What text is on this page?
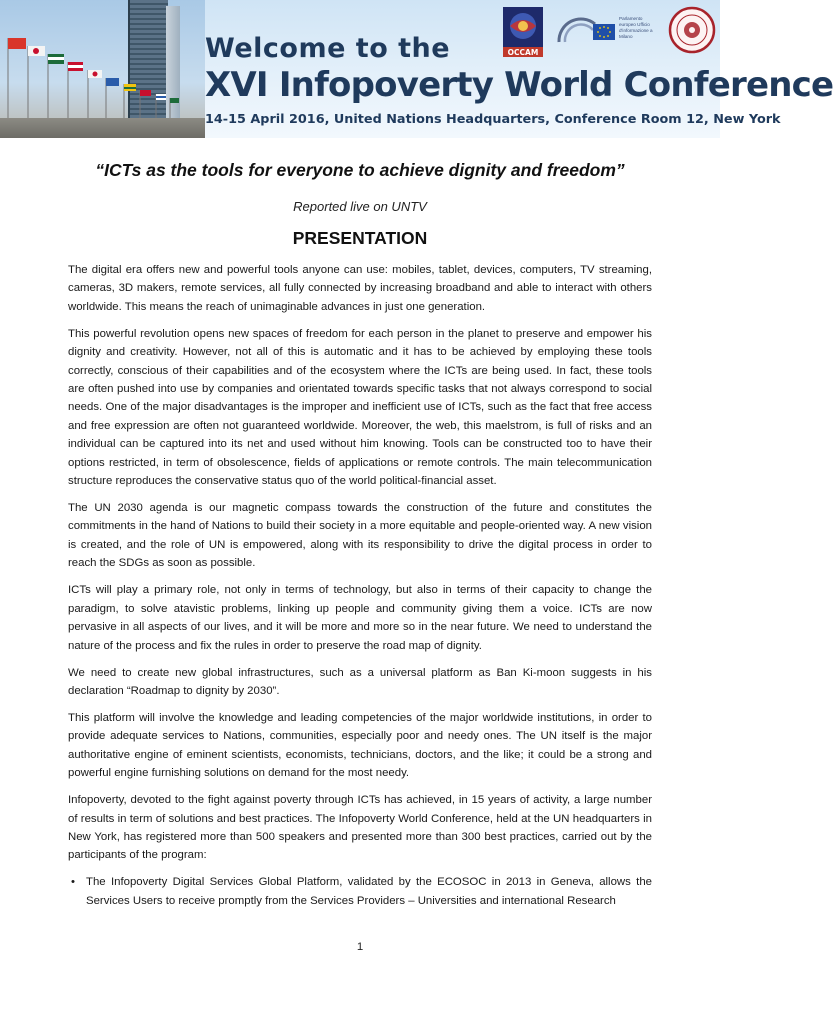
Welcome to the
XVI Infopoverty World Conference
14-15 April 2016, United Nations Headquarters, Conference Room 12, New York
OCCAM
Parlamento europeo Ufficio d'informazione a Milano
“ICTs as the tools for everyone to achieve dignity and freedom”

Reported live on UNTV

PRESENTATION

The digital era offers new and powerful tools anyone can use: mobiles, tablet, devices, computers, TV streaming, cameras, 3D makers, remote services, all fully connected by increasing broadband and able to interact with others worldwide. This means the reach of unimaginable advances in just one generation.

This powerful revolution opens new spaces of freedom for each person in the planet to preserve and empower his dignity and creativity. However, not all of this is automatic and it has to be achieved by employing these tools correctly, conscious of their capabilities and of the ecosystem where the ICTs are being used. In fact, these tools are often pushed into use by companies and orientated towards specific tasks that not always correspond to social needs. One of the major disadvantages is the improper and inefficient use of ICTs, such as the fact that free access and free expression are often not guaranteed worldwide. Moreover, the web, this maelstrom, is full of risks and an individual can be captured into its net and used without him knowing. Tools can be constructed too to have their options restricted, in term of obsolescence, fields of applications or remote controls. The main telecommunication structure reproduces the conservative status quo of the world political-financial asset.

The UN 2030 agenda is our magnetic compass towards the construction of the future and constitutes the commitments in the hand of Nations to build their society in a more equitable and people-oriented way. A new vision is created, and the role of UN is empowered, along with its responsibility to drive the digital process in order to reach the SDGs as soon as possible.

ICTs will play a primary role, not only in terms of technology, but also in terms of their capacity to change the paradigm, to solve atavistic problems, linking up people and community giving them a voice. ICTs are now pervasive in all aspects of our lives, and it will be more and more so in the near future. We need to understand the nature of the process and fix the rules in order to preserve the road map of dignity.

We need to create new global infrastructures, such as a universal platform as Ban Ki-moon suggests in his declaration “Roadmap to dignity by 2030”.

This platform will involve the knowledge and leading competencies of the major worldwide institutions, in order to provide adequate services to Nations, communities, especially poor and needy ones. The UN itself is the major authoritative engine of eminent scientists, economists, technicians, doctors, and the like; it could be a strong and powerful engine furnishing solutions on demand for the most needy.

Infopoverty, devoted to the fight against poverty through ICTs has achieved, in 15 years of activity, a large number of results in term of solutions and best practices. The Infopoverty World Conference, held at the UN headquarters in New York, has registered more than 500 speakers and presented more than 300 best practices, carried out by the participants of the program:

• The Infopoverty Digital Services Global Platform, validated by the ECOSOC in 2013 in Geneva, allows the Services Users to receive promptly from the Services Providers – Universities and international Research

1
